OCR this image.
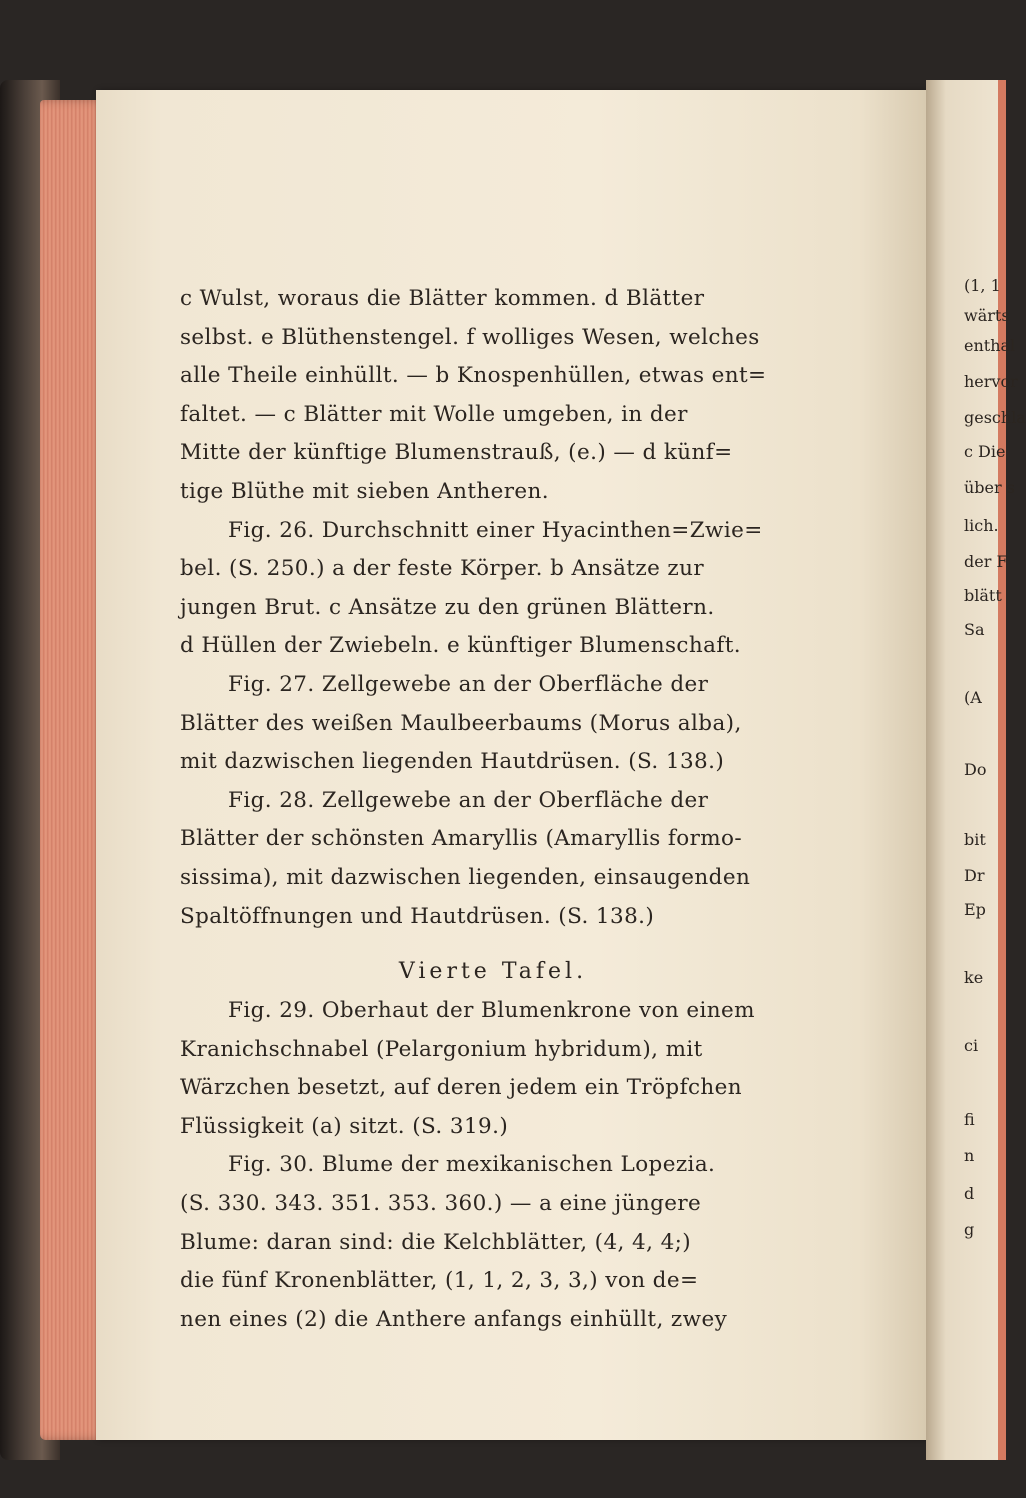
c Wulst, woraus die Blätter kommen. d Blätter
selbst. e Blüthenstengel. f wolliges Wesen, welches
alle Theile einhüllt. — b Knospenhüllen, etwas ent=
faltet. — c Blätter mit Wolle umgeben, in der
Mitte der künftige Blumenstrauß, (e.) — d künf=
tige Blüthe mit sieben Antheren.
Fig. 26. Durchschnitt einer Hyacinthen=Zwie=
bel. (S. 250.) a der feste Körper. b Ansätze zur
jungen Brut. c Ansätze zu den grünen Blättern.
d Hüllen der Zwiebeln. e künftiger Blumenschaft.
Fig. 27. Zellgewebe an der Oberfläche der
Blätter des weißen Maulbeerbaums (Morus alba),
mit dazwischen liegenden Hautdrüsen. (S. 138.)
Fig. 28. Zellgewebe an der Oberfläche der
Blätter der schönsten Amaryllis (Amaryllis formo-
sissima), mit dazwischen liegenden, einsaugenden
Spaltöffnungen und Hautdrüsen. (S. 138.)
Vierte Tafel.
Fig. 29. Oberhaut der Blumenkrone von einem
Kranichschnabel (Pelargonium hybridum), mit
Wärzchen besetzt, auf deren jedem ein Tröpfchen
Flüssigkeit (a) sitzt. (S. 319.)
Fig. 30. Blume der mexikanischen Lopezia.
(S. 330. 343. 351. 353. 360.) — a eine jüngere
Blume: daran sind: die Kelchblätter, (4, 4, 4;)
die fünf Kronenblätter, (1, 1, 2, 3, 3,) von de=
nen eines (2) die Anthere anfangs einhüllt, zwey
(1, 1
wärts
enthal
hervor
geschla
c Die
über s
lich.
der F
blätt
Sa
(A
Do
bit
Dr
Ep
ke
ci
fi
n
d
g
